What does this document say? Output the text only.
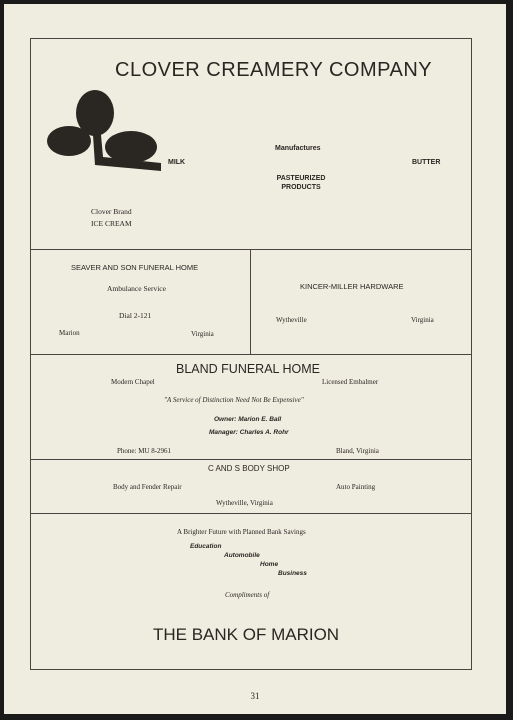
CLOVER CREAMERY COMPANY
MILK
Manufactures
PASTEURIZED
PRODUCTS
BUTTER
Clover Brand
ICE CREAM
SEAVER AND SON FUNERAL HOME
Ambulance Service
Dial 2-121
Marion	Virginia
KINCER-MILLER HARDWARE
Wytheville	Virginia
BLAND FUNERAL HOME
Modern Chapel	Licensed Embalmer
"A Service of Distinction Need Not Be Expensive"
Owner: Marion E. Ball
Manager: Charles A. Rohr
Phone: MU 8-2961	Bland, Virginia
C AND S BODY SHOP
Body and Fender Repair	Auto Painting
Wytheville, Virginia
A Brighter Future with Planned Bank Savings
Education
Automobile
Home
Business
Compliments of
THE BANK OF MARION
31
